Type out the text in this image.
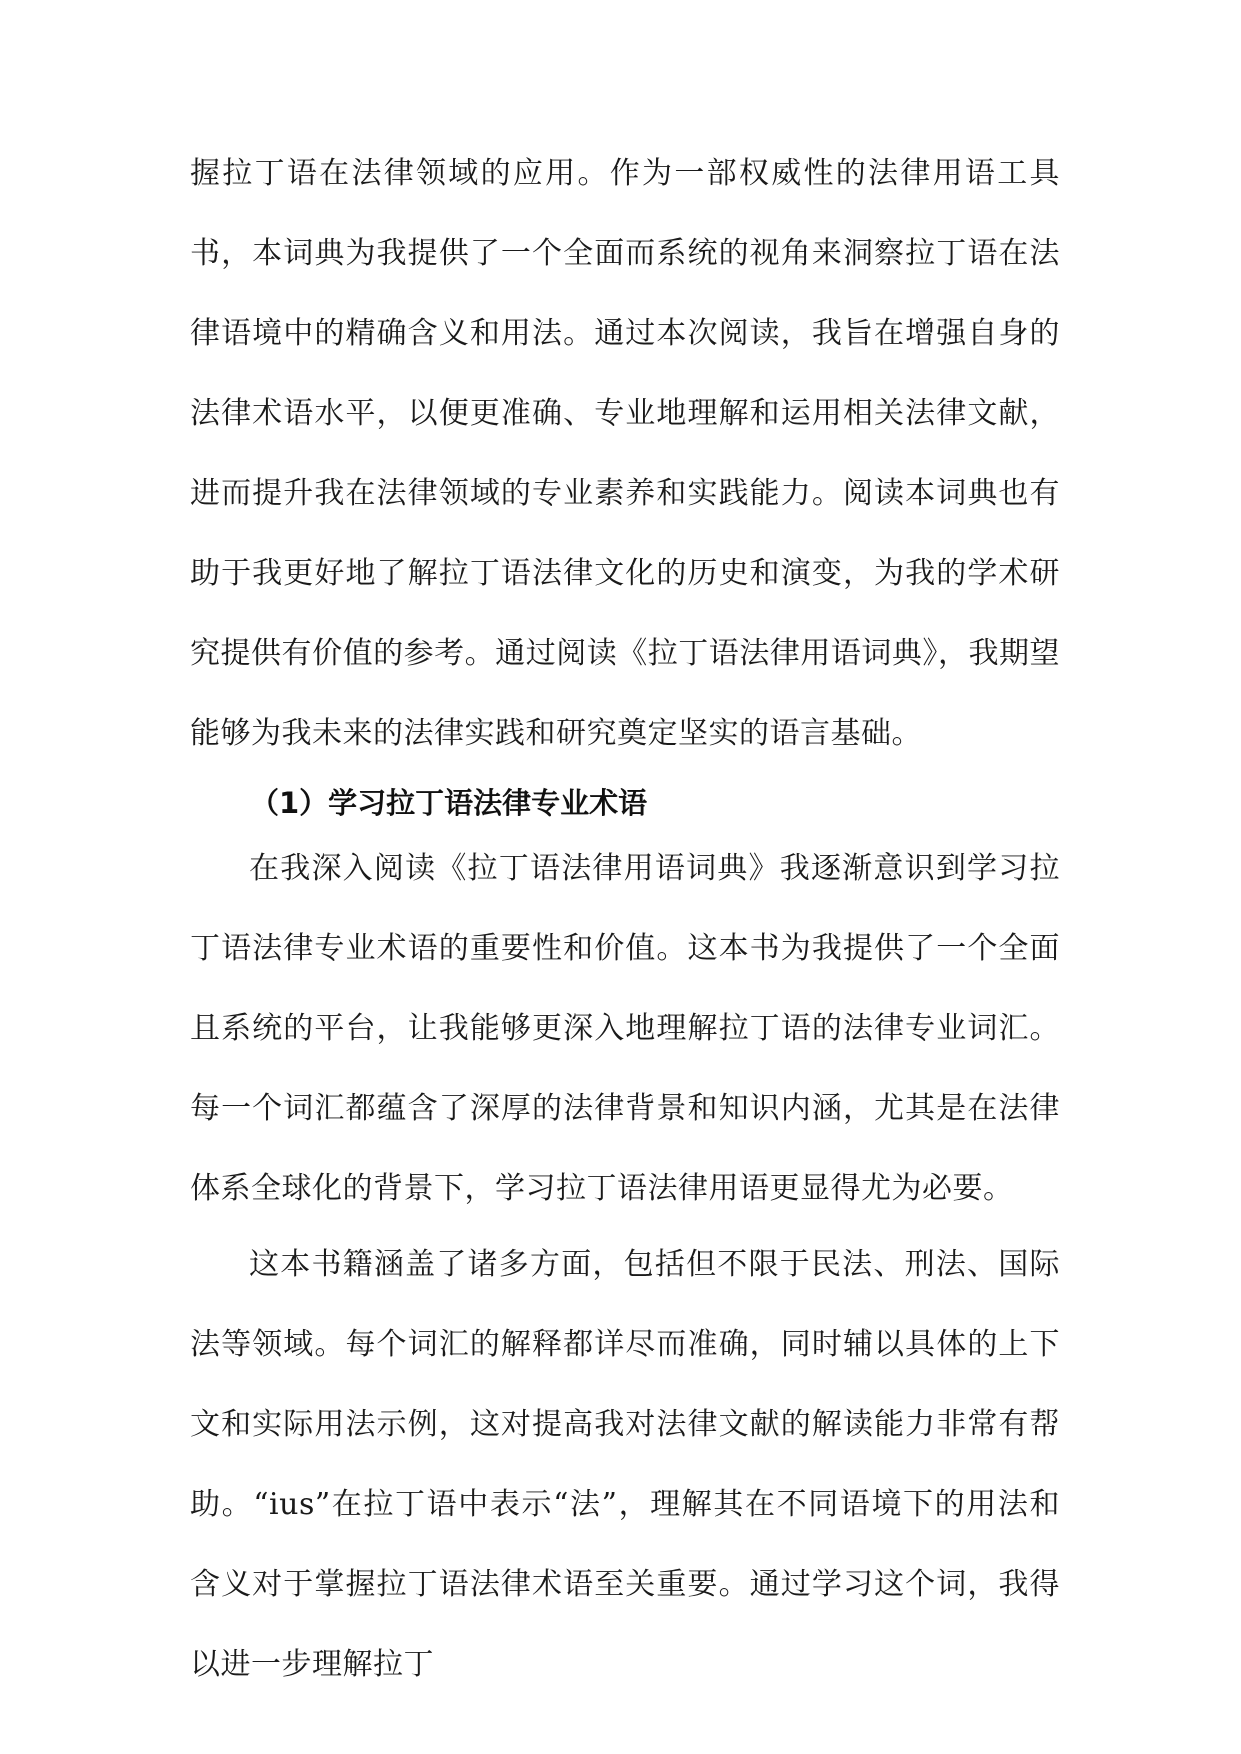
握拉丁语在法律领域的应用。作为一部权威性的法律用语工具书，本词典为我提供了一个全面而系统的视角来洞察拉丁语在法律语境中的精确含义和用法。通过本次阅读，我旨在增强自身的法律术语水平，以便更准确、专业地理解和运用相关法律文献，进而提升我在法律领域的专业素养和实践能力。阅读本词典也有助于我更好地了解拉丁语法律文化的历史和演变，为我的学术研究提供有价值的参考。通过阅读《拉丁语法律用语词典》，我期望能够为我未来的法律实践和研究奠定坚实的语言基础。
（1）学习拉丁语法律专业术语
在我深入阅读《拉丁语法律用语词典》我逐渐意识到学习拉丁语法律专业术语的重要性和价值。这本书为我提供了一个全面且系统的平台，让我能够更深入地理解拉丁语的法律专业词汇。每一个词汇都蕴含了深厚的法律背景和知识内涵，尤其是在法律体系全球化的背景下，学习拉丁语法律用语更显得尤为必要。
这本书籍涵盖了诸多方面，包括但不限于民法、刑法、国际法等领域。每个词汇的解释都详尽而准确，同时辅以具体的上下文和实际用法示例，这对提高我对法律文献的解读能力非常有帮助。“ius”在拉丁语中表示“法”，理解其在不同语境下的用法和含义对于掌握拉丁语法律术语至关重要。通过学习这个词，我得以进一步理解拉丁
